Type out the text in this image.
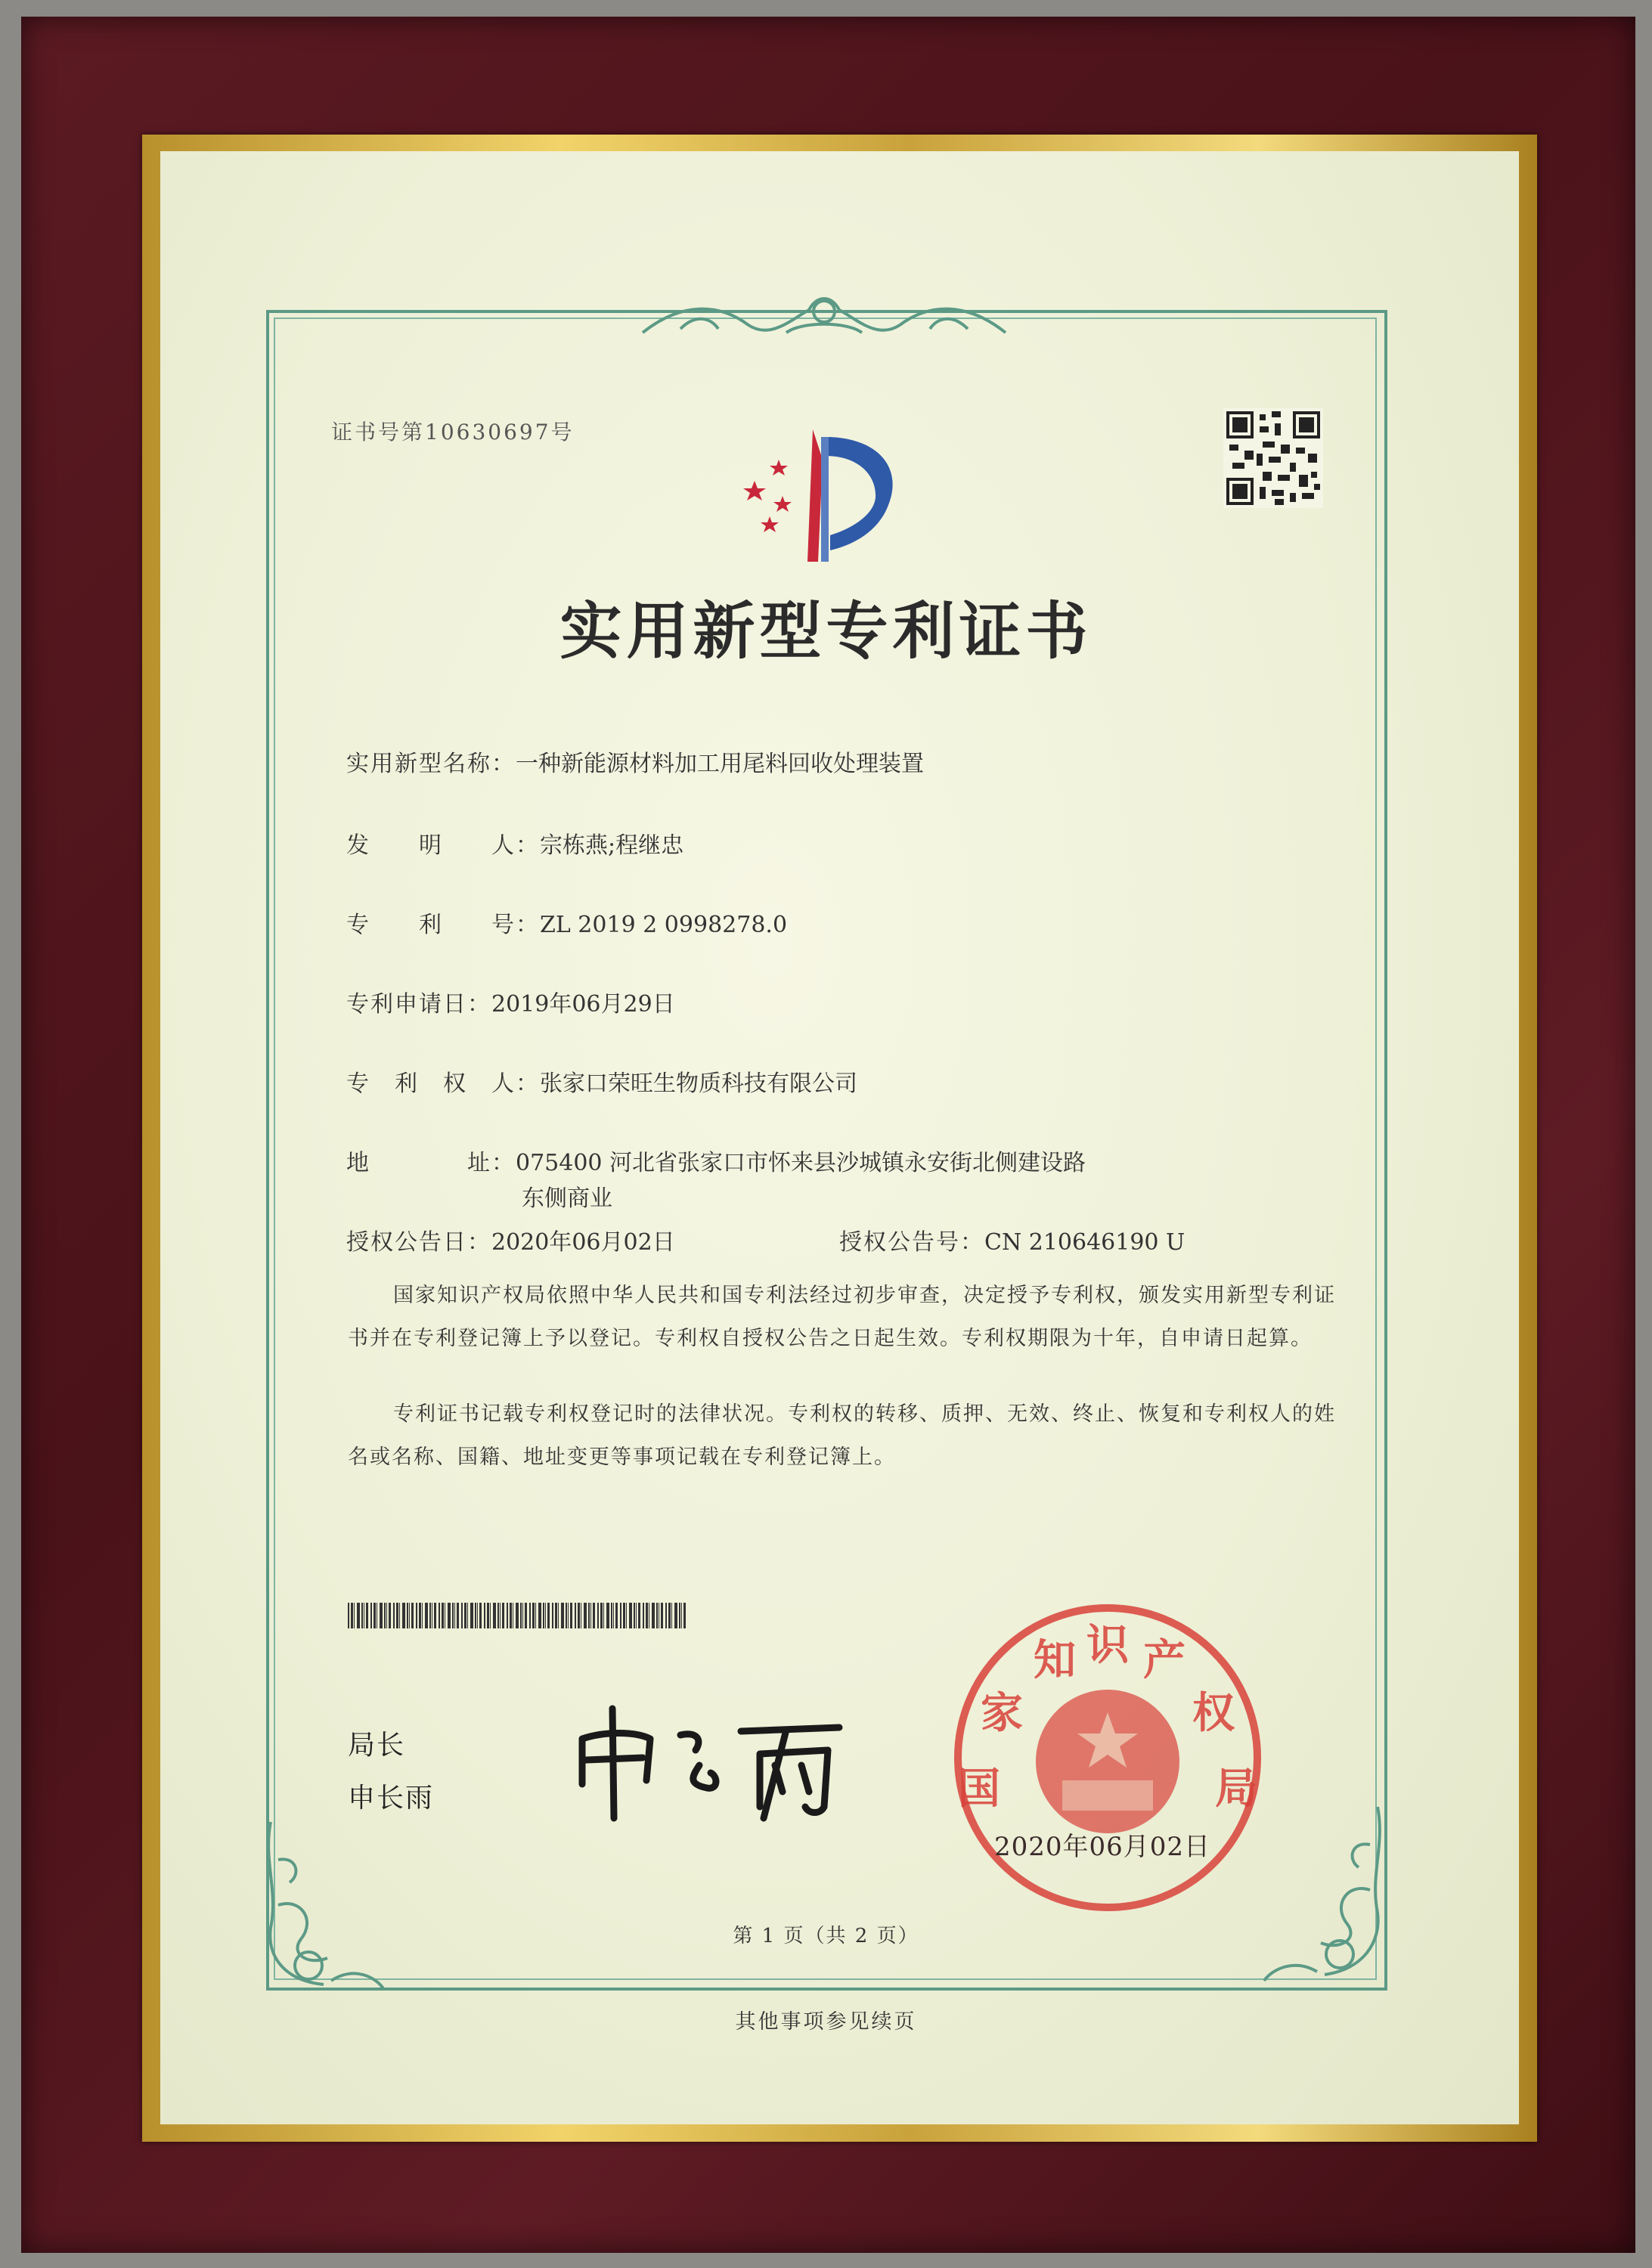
证书号第10630697号
实用新型专利证书
实用新型名称：一种新能源材料加工用尾料回收处理装置
发　　明　　人：宗栋燕;程继忠
专　　利　　号：ZL 2019 2 0998278.0
专利申请日：2019年06月29日
专　利　权　人：张家口荣旺生物质科技有限公司
地　　　　址：075400 河北省张家口市怀来县沙城镇永安街北侧建设路
东侧商业
授权公告日：2020年06月02日	授权公告号：CN 210646190 U
国家知识产权局依照中华人民共和国专利法经过初步审查，决定授予专利权，颁发实用新型专利证书并在专利登记簿上予以登记。专利权自授权公告之日起生效。专利权期限为十年，自申请日起算。
专利证书记载专利权登记时的法律状况。专利权的转移、质押、无效、终止、恢复和专利权人的姓名或名称、国籍、地址变更等事项记载在专利登记簿上。
局长
申长雨	国
家
知 识 产
权
局
2020年06月02日
第 1 页（共 2 页）
其他事项参见续页
